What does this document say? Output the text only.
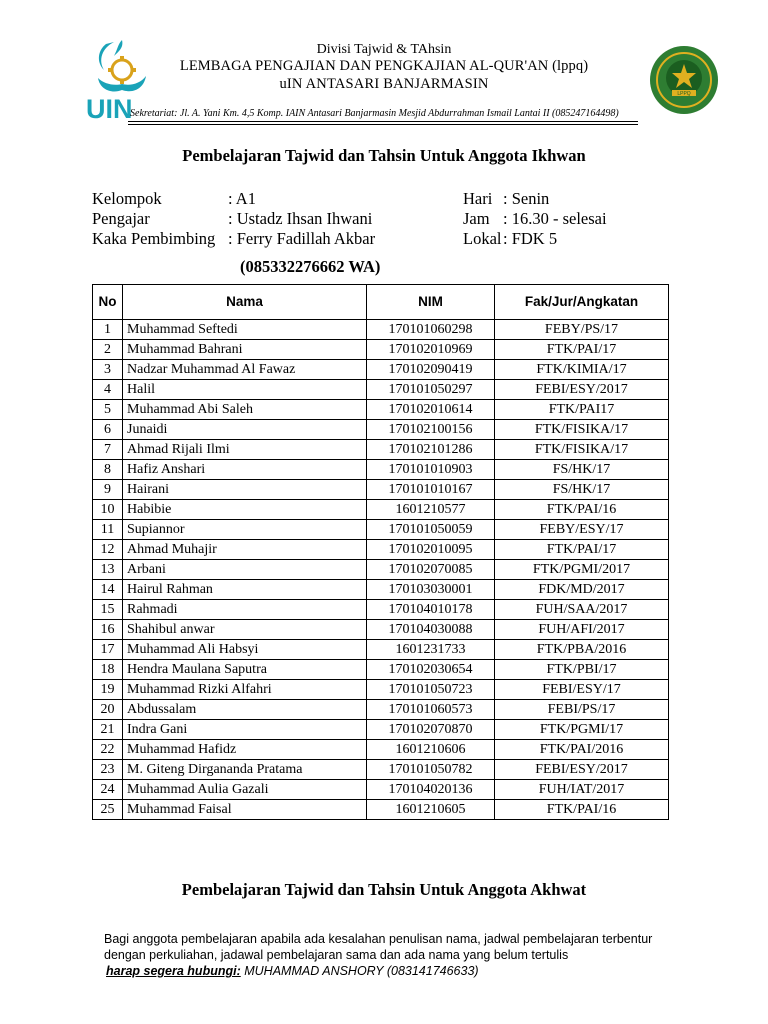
UIN	LPPQ
Divisi Tajwid & TAhsin
LEMBAGA PENGAJIAN DAN PENGKAJIAN AL-QUR'AN (lppq)
uIN ANTASARI BANJARMASIN
Sekretariat: Jl. A. Yani Km. 4,5 Komp. IAIN Antasari Banjarmasin Mesjid Abdurrahman Ismail Lantai II (085247164498)
Pembelajaran Tajwid dan Tahsin Untuk Anggota Ikhwan
Kelompok	: A1
Pengajar	: Ustadz Ihsan Ihwani
Kaka Pembimbing : Ferry Fadillah Akbar
Hari : Senin
Jam : 16.30 - selesai
Lokal : FDK 5
(085332276662 WA)
No	Nama	NIM	Fak/Jur/Angkatan
1	Muhammad Seftedi	170101060298	FEBY/PS/17
2	Muhammad Bahrani	170102010969	FTK/PAI/17
3	Nadzar Muhammad Al Fawaz	170102090419	FTK/KIMIA/17
4	Halil	170101050297	FEBI/ESY/2017
5	Muhammad Abi Saleh	170102010614	FTK/PAI17
6	Junaidi	170102100156	FTK/FISIKA/17
7	Ahmad Rijali Ilmi	170102101286	FTK/FISIKA/17
8	Hafiz Anshari	170101010903	FS/HK/17
9	Hairani	170101010167	FS/HK/17
10	Habibie	1601210577	FTK/PAI/16
11	Supiannor	170101050059	FEBY/ESY/17
12	Ahmad Muhajir	170102010095	FTK/PAI/17
13	Arbani	170102070085	FTK/PGMI/2017
14	Hairul Rahman	170103030001	FDK/MD/2017
15	Rahmadi	170104010178	FUH/SAA/2017
16	Shahibul anwar	170104030088	FUH/AFI/2017
17	Muhammad Ali Habsyi	1601231733	FTK/PBA/2016
18	Hendra Maulana Saputra	170102030654	FTK/PBI/17
19	Muhammad Rizki Alfahri	170101050723	FEBI/ESY/17
20	Abdussalam	170101060573	FEBI/PS/17
21	Indra Gani	170102070870	FTK/PGMI/17
22	Muhammad Hafidz	1601210606	FTK/PAI/2016
23	M. Giteng Dirgananda Pratama	170101050782	FEBI/ESY/2017
24	Muhammad Aulia Gazali	170104020136	FUH/IAT/2017
25	Muhammad Faisal	1601210605	FTK/PAI/16
Pembelajaran Tajwid dan Tahsin Untuk Anggota Akhwat
Bagi anggota pembelajaran apabila ada kesalahan penulisan nama, jadwal pembelajaran terbentur
dengan perkuliahan, jadawal pembelajaran sama dan ada nama yang belum tertulis
harap segera hubungi: MUHAMMAD ANSHORY (083141746633)
